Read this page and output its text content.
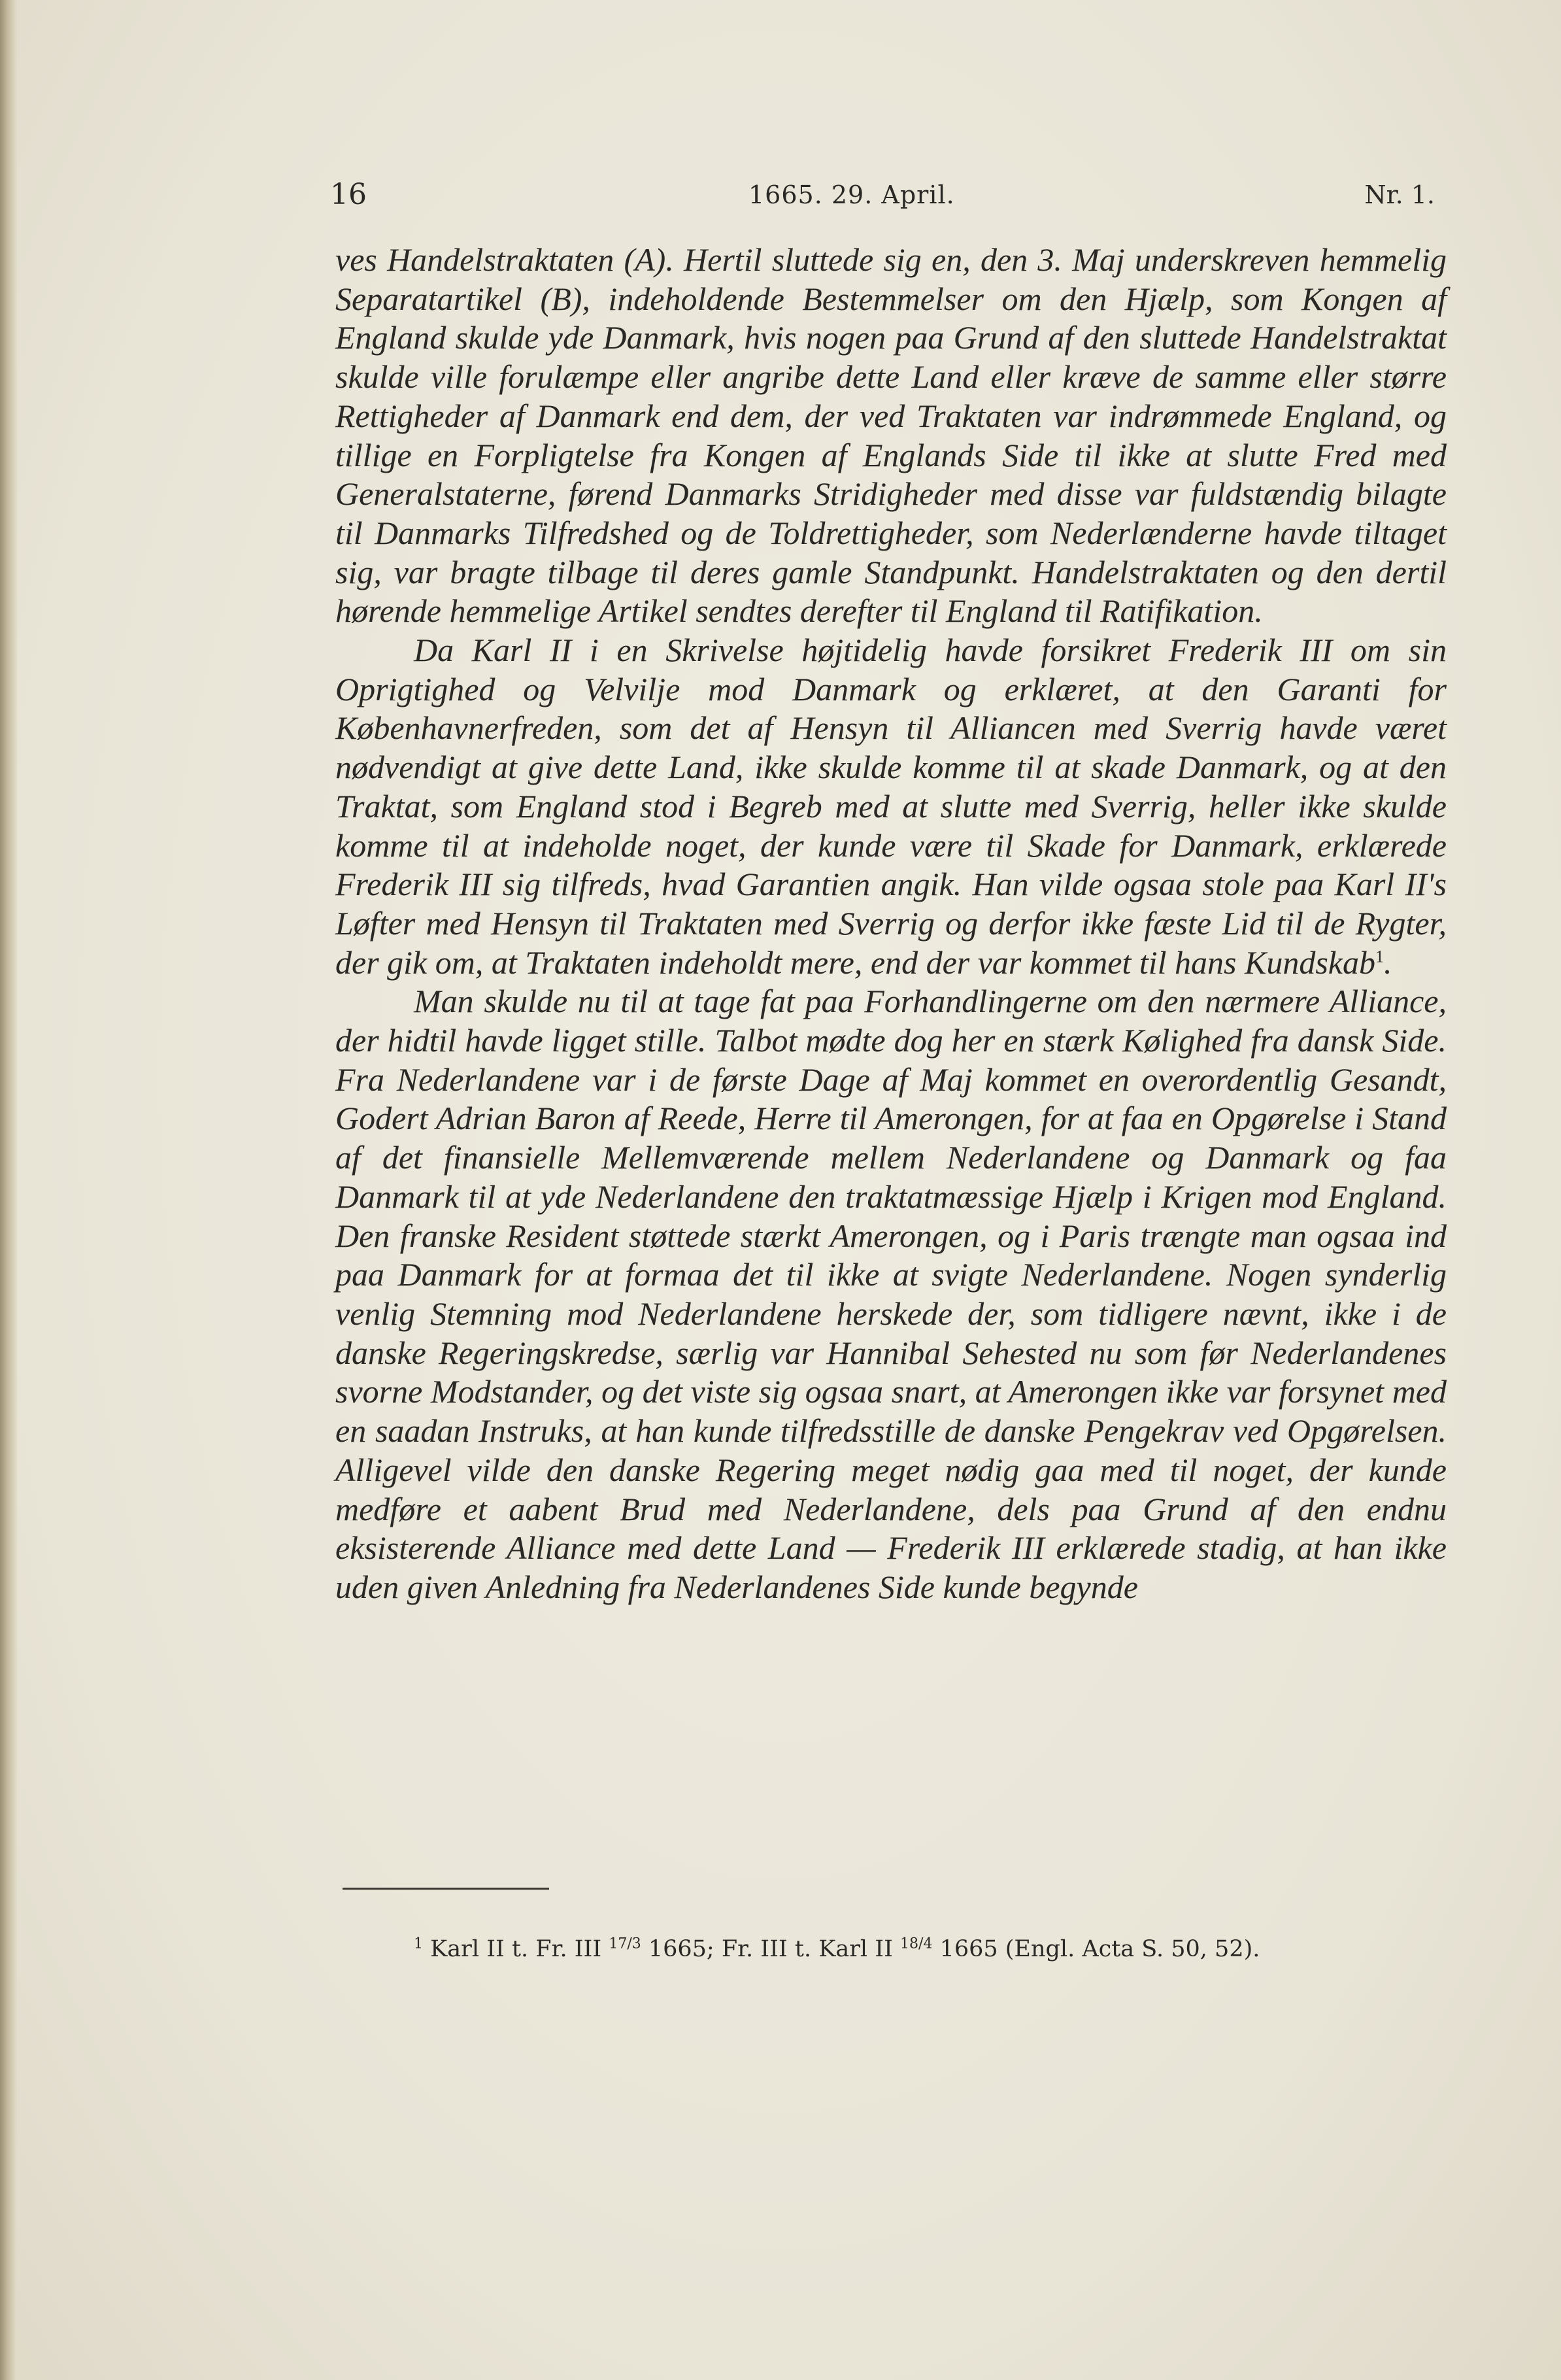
16	1665. 29. April.	Nr. 1.

ves Handelstraktaten (A). Hertil sluttede sig en, den 3. Maj underskreven hemmelig Separatartikel (B), indeholdende Bestemmelser om den Hjælp, som Kongen af England skulde yde Danmark, hvis nogen paa Grund af den sluttede Handelstraktat skulde ville forulæmpe eller angribe dette Land eller kræve de samme eller større Rettigheder af Danmark end dem, der ved Traktaten var indrømmede England, og tillige en Forpligtelse fra Kongen af Englands Side til ikke at slutte Fred med Generalstaterne, førend Danmarks Stridigheder med disse var fuldstændig bilagte til Danmarks Tilfredshed og de Toldrettigheder, som Nederlænderne havde tiltaget sig, var bragte tilbage til deres gamle Standpunkt. Handelstraktaten og den dertil hørende hemmelige Artikel sendtes derefter til England til Ratifikation.

Da Karl II i en Skrivelse højtidelig havde forsikret Frederik III om sin Oprigtighed og Velvilje mod Danmark og erklæret, at den Garanti for Københavnerfreden, som det af Hensyn til Alliancen med Sverrig havde været nødvendigt at give dette Land, ikke skulde komme til at skade Danmark, og at den Traktat, som England stod i Begreb med at slutte med Sverrig, heller ikke skulde komme til at indeholde noget, der kunde være til Skade for Danmark, erklærede Frederik III sig tilfreds, hvad Garantien angik. Han vilde ogsaa stole paa Karl II's Løfter med Hensyn til Traktaten med Sverrig og derfor ikke fæste Lid til de Rygter, der gik om, at Traktaten indeholdt mere, end der var kommet til hans Kundskab$^1$.

Man skulde nu til at tage fat paa Forhandlingerne om den nærmere Alliance, der hidtil havde ligget stille. Talbot mødte dog her en stærk Kølighed fra dansk Side. Fra Nederlandene var i de første Dage af Maj kommet en overordentlig Gesandt, Godert Adrian Baron af Reede, Herre til Amerongen, for at faa en Opgørelse i Stand af det finansielle Mellemværende mellem Nederlandene og Danmark og faa Danmark til at yde Nederlandene den traktatmæssige Hjælp i Krigen mod England. Den franske Resident støttede stærkt Amerongen, og i Paris trængte man ogsaa ind paa Danmark for at formaa det til ikke at svigte Nederlandene. Nogen synderlig venlig Stemning mod Nederlandene herskede der, som tidligere nævnt, ikke i de danske Regeringskredse, særlig var Hannibal Sehested nu som før Nederlandenes svorne Modstander, og det viste sig ogsaa snart, at Amerongen ikke var forsynet med en saadan Instruks, at han kunde tilfredsstille de danske Pengekrav ved Opgørelsen. Alligevel vilde den danske Regering meget nødig gaa med til noget, der kunde medføre et aabent Brud med Nederlandene, dels paa Grund af den endnu eksisterende Alliance med dette Land — Frederik III erklærede stadig, at han ikke uden given Anledning fra Nederlandenes Side kunde begynde

$^1$ Karl II t. Fr. III $^{17/3}$ 1665; Fr. III t. Karl II $^{18/4}$ 1665 (Engl. Acta S. 50, 52).
